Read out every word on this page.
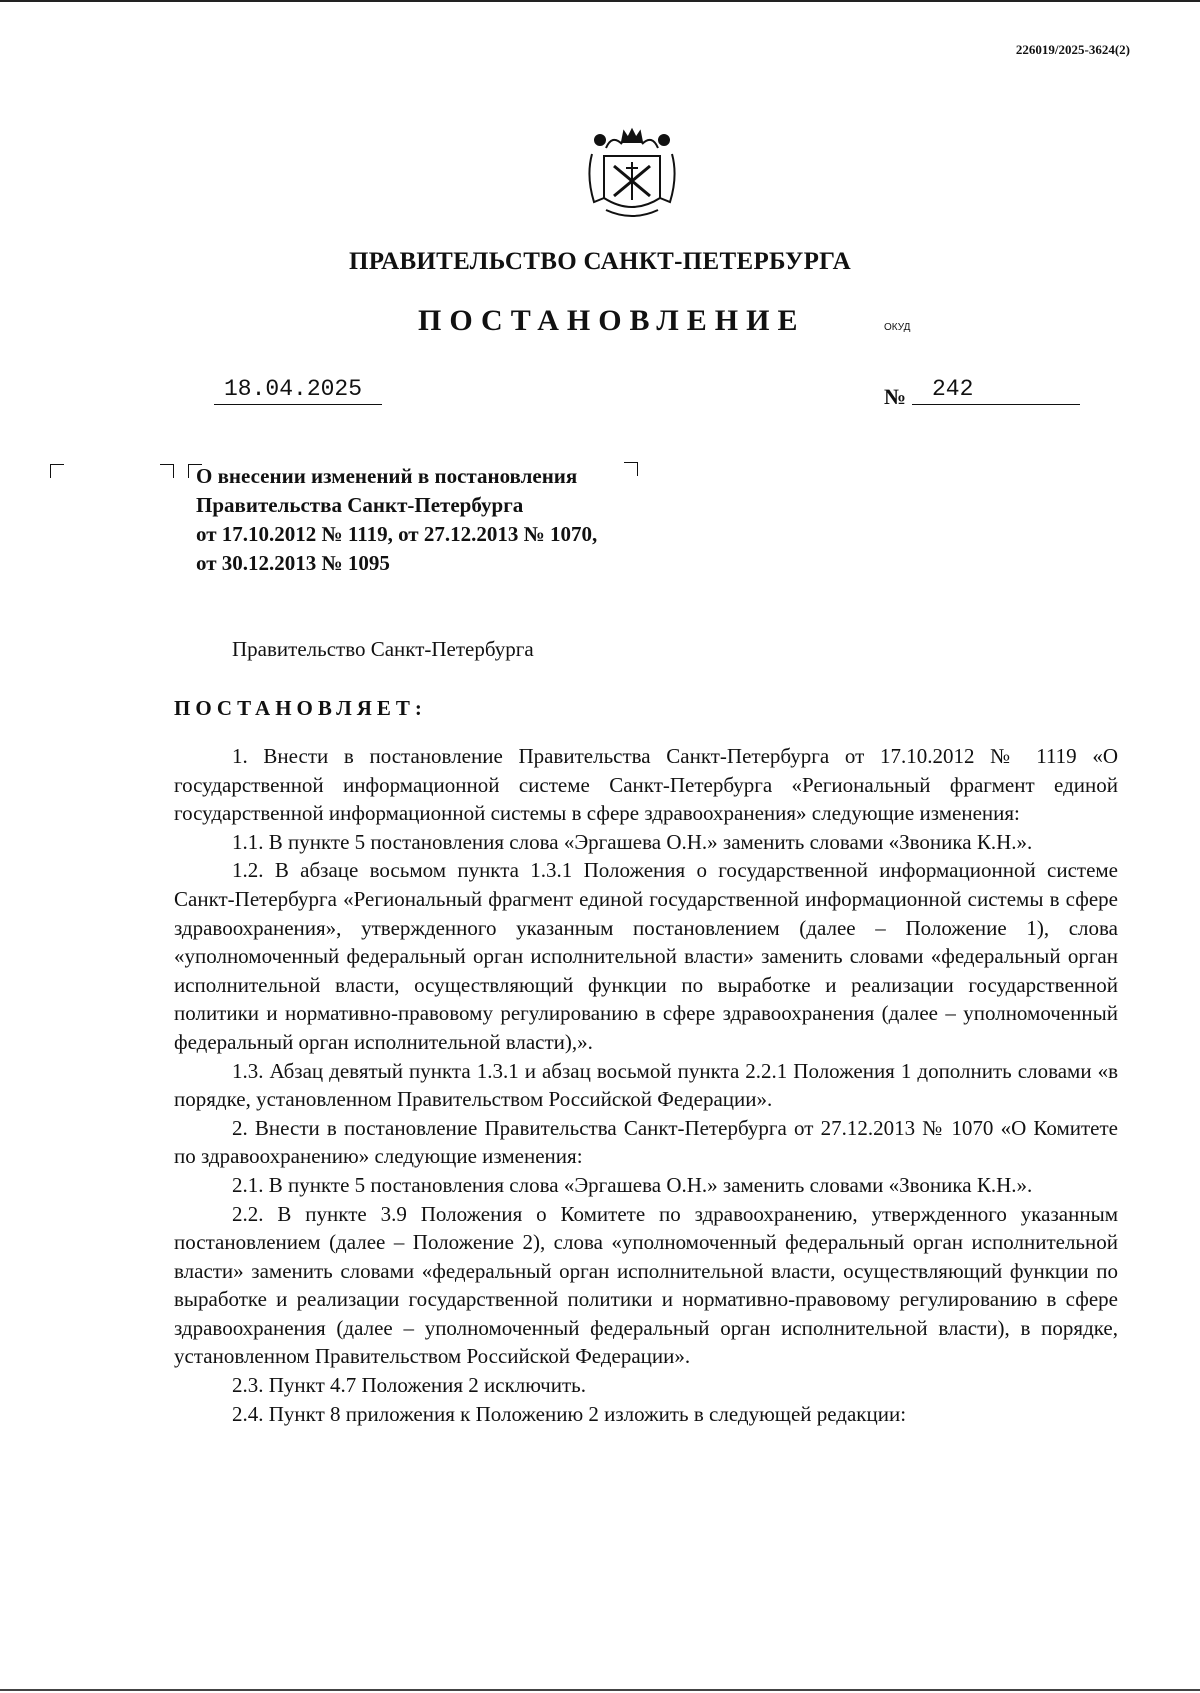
226019/2025-3624(2)
ПРАВИТЕЛЬСТВО САНКТ-ПЕТЕРБУРГА
ПОСТАНОВЛЕНИЕ	ОКУД
18.04.2025	№	242
О внесении изменений в постановления
Правительства Санкт-Петербурга
от 17.10.2012 № 1119, от 27.12.2013 № 1070,
от 30.12.2013 № 1095
Правительство Санкт-Петербурга
ПОСТАНОВЛЯЕТ:

1. Внести в постановление Правительства Санкт-Петербурга от 17.10.2012 № 1119 «О государственной информационной системе Санкт-Петербурга «Региональный фрагмент единой государственной информационной системы в сфере здравоохранения» следующие изменения:

1.1. В пункте 5 постановления слова «Эргашева О.Н.» заменить словами «Звоника К.Н.».

1.2. В абзаце восьмом пункта 1.3.1 Положения о государственной информационной системе Санкт-Петербурга «Региональный фрагмент единой государственной информационной системы в сфере здравоохранения», утвержденного указанным постановлением (далее – Положение 1), слова «уполномоченный федеральный орган исполнительной власти» заменить словами «федеральный орган исполнительной власти, осуществляющий функции по выработке и реализации государственной политики и нормативно-правовому регулированию в сфере здравоохранения (далее – уполномоченный федеральный орган исполнительной власти),».

1.3. Абзац девятый пункта 1.3.1 и абзац восьмой пункта 2.2.1 Положения 1 дополнить словами «в порядке, установленном Правительством Российской Федерации».

2. Внести в постановление Правительства Санкт-Петербурга от 27.12.2013 № 1070 «О Комитете по здравоохранению» следующие изменения:

2.1. В пункте 5 постановления слова «Эргашева О.Н.» заменить словами «Звоника К.Н.».

2.2. В пункте 3.9 Положения о Комитете по здравоохранению, утвержденного указанным постановлением (далее – Положение 2), слова «уполномоченный федеральный орган исполнительной власти» заменить словами «федеральный орган исполнительной власти, осуществляющий функции по выработке и реализации государственной политики и нормативно-правовому регулированию в сфере здравоохранения (далее – уполномоченный федеральный орган исполнительной власти), в порядке, установленном Правительством Российской Федерации».

2.3. Пункт 4.7 Положения 2 исключить.

2.4. Пункт 8 приложения к Положению 2 изложить в следующей редакции:
